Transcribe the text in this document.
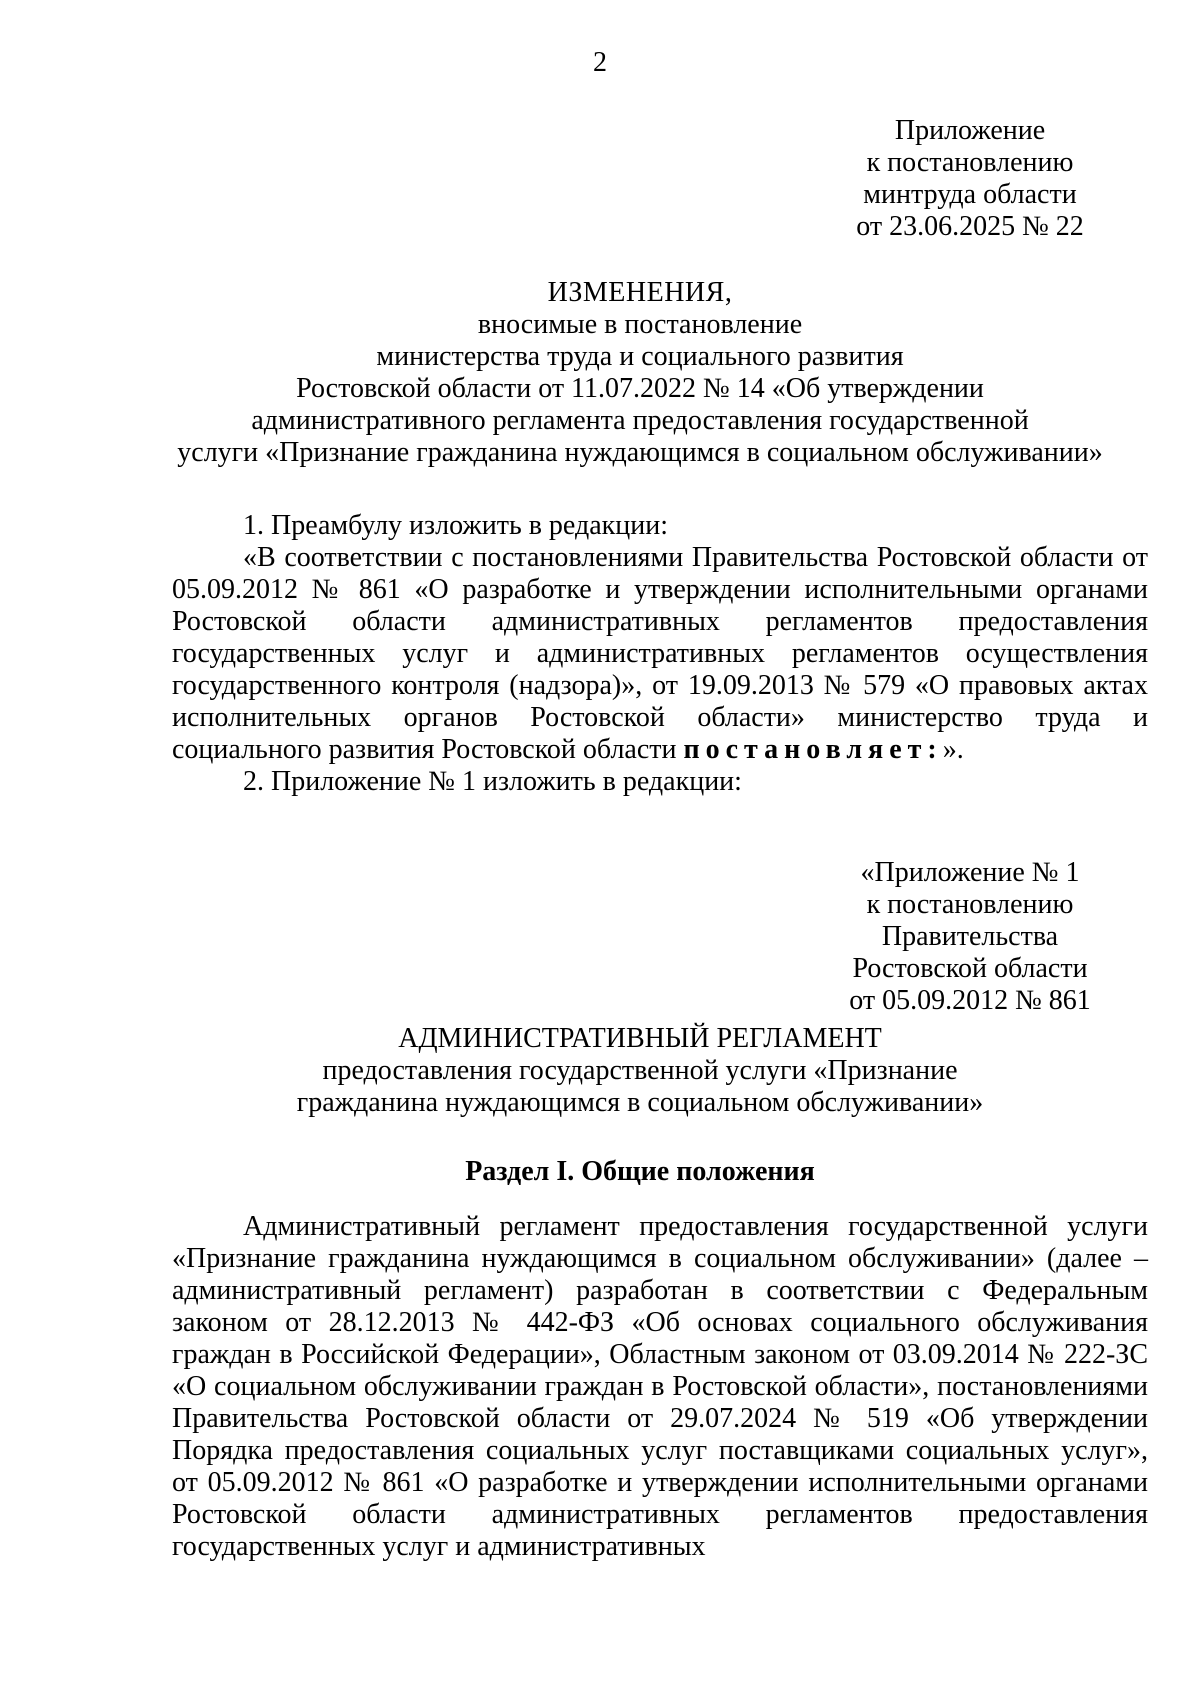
2
Приложение
к постановлению
минтруда области
от 23.06.2025 № 22
ИЗМЕНЕНИЯ,
вносимые в постановление
министерства труда и социального развития
Ростовской области от 11.07.2022 № 14 «Об утверждении
административного регламента предоставления государственной
услуги «Признание гражданина нуждающимся в социальном обслуживании»

1. Преамбулу изложить в редакции:

«В соответствии с постановлениями Правительства Ростовской области от 05.09.2012 № 861 «О разработке и утверждении исполнительными органами Ростовской области административных регламентов предоставления государственных услуг и административных регламентов осуществления государственного контроля (надзора)», от 19.09.2013 № 579 «О правовых актах исполнительных органов Ростовской области» министерство труда и социального развития Ростовской области постановляет:».

2. Приложение № 1 изложить в редакции:

«Приложение № 1
к постановлению
Правительства
Ростовской области
от 05.09.2012 № 861
АДМИНИСТРАТИВНЫЙ РЕГЛАМЕНТ
предоставления государственной услуги «Признание
гражданина нуждающимся в социальном обслуживании»
Раздел I. Общие положения

Административный регламент предоставления государственной услуги «Признание гражданина нуждающимся в социальном обслуживании» (далее – административный регламент) разработан в соответствии с Федеральным законом от 28.12.2013 № 442-ФЗ «Об основах социального обслуживания граждан в Российской Федерации», Областным законом от 03.09.2014 № 222-ЗС «О социальном обслуживании граждан в Ростовской области», постановлениями Правительства Ростовской области от 29.07.2024 № 519 «Об утверждении Порядка предоставления социальных услуг поставщиками социальных услуг», от 05.09.2012 № 861 «О разработке и утверждении исполнительными органами Ростовской области административных регламентов предоставления государственных услуг и административных
